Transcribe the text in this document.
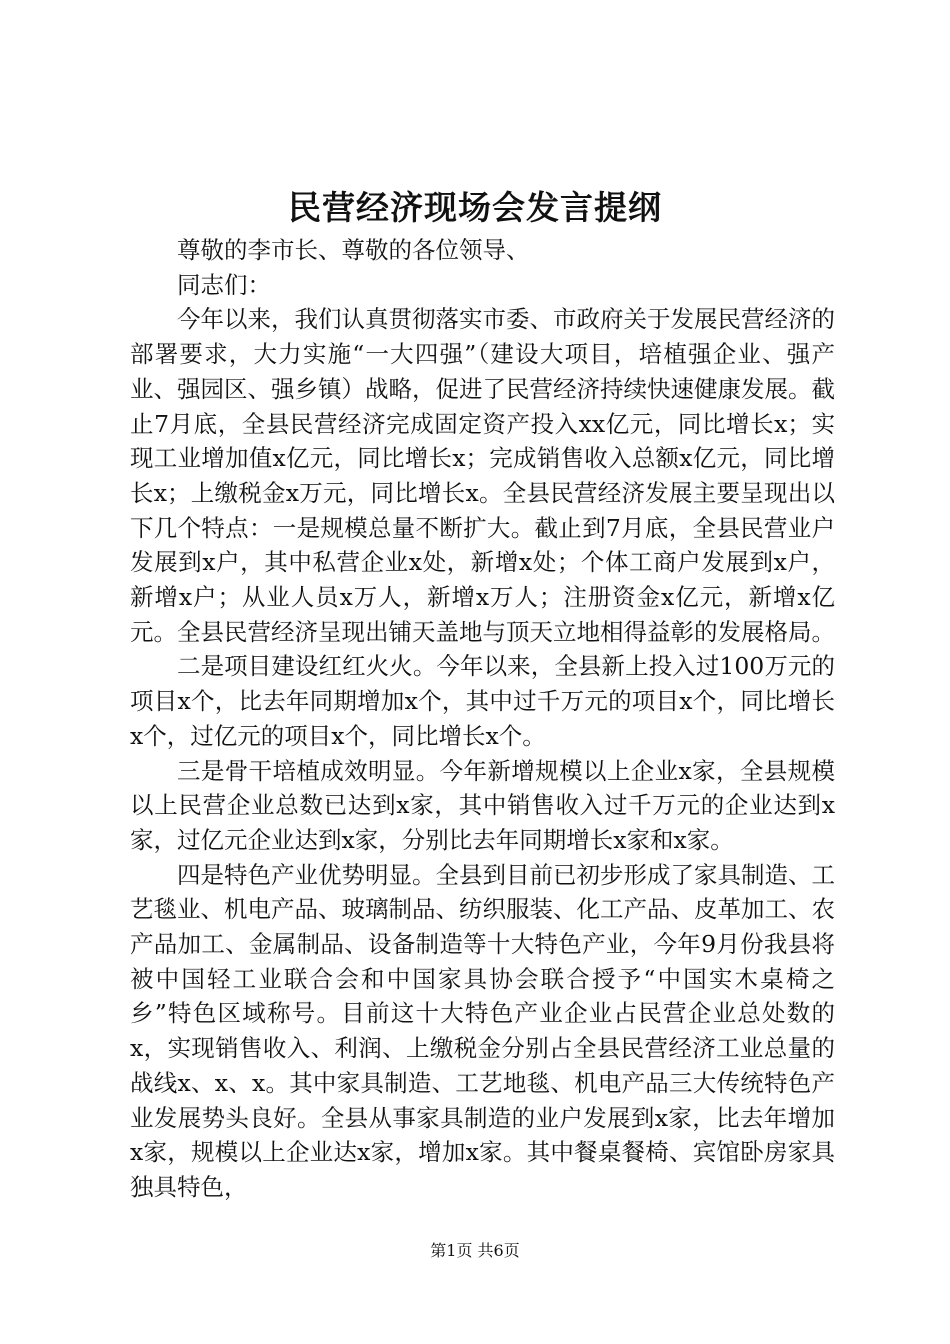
民营经济现场会发言提纲

尊敬的李市长、尊敬的各位领导、

同志们：

今年以来，我们认真贯彻落实市委、市政府关于发展民营经济的部署要求，大力实施“一大四强”（建设大项目，培植强企业、强产业、强园区、强乡镇）战略，促进了民营经济持续快速健康发展。截止7月底，全县民营经济完成固定资产投入xx亿元，同比增长x；实现工业增加值x亿元，同比增长x；完成销售收入总额x亿元，同比增长x；上缴税金x万元，同比增长x。全县民营经济发展主要呈现出以下几个特点：一是规模总量不断扩大。截止到7月底，全县民营业户发展到x户，其中私营企业x处，新增x处；个体工商户发展到x户，新增x户；从业人员x万人，新增x万人；注册资金x亿元，新增x亿元。全县民营经济呈现出铺天盖地与顶天立地相得益彰的发展格局。

二是项目建设红红火火。今年以来，全县新上投入过100万元的项目x个，比去年同期增加x个，其中过千万元的项目x个，同比增长x个，过亿元的项目x个，同比增长x个。

三是骨干培植成效明显。今年新增规模以上企业x家，全县规模以上民营企业总数已达到x家，其中销售收入过千万元的企业达到x家，过亿元企业达到x家，分别比去年同期增长x家和x家。

四是特色产业优势明显。全县到目前已初步形成了家具制造、工艺毯业、机电产品、玻璃制品、纺织服装、化工产品、皮革加工、农产品加工、金属制品、设备制造等十大特色产业，今年9月份我县将被中国轻工业联合会和中国家具协会联合授予“中国实木桌椅之乡”特色区域称号。目前这十大特色产业企业占民营企业总处数的x，实现销售收入、利润、上缴税金分别占全县民营经济工业总量的战线x、x、x。其中家具制造、工艺地毯、机电产品三大传统特色产业发展势头良好。全县从事家具制造的业户发展到x家，比去年增加x家，规模以上企业达x家，增加x家。其中餐桌餐椅、宾馆卧房家具独具特色，

第1页 共6页
